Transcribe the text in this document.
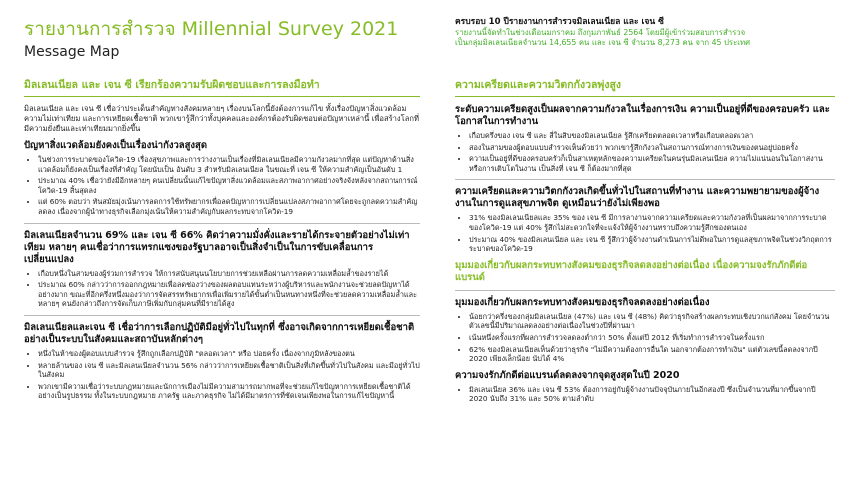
รายงานการสำรวจ Millennial Survey 2021
Message Map
ครบรอบ 10 ปีรายงานการสำรวจมิลเลนเนียล และ เจน ซี
รายงานนี้จัดทำในช่วงเดือนมกราคม ถึงกุมภาพันธ์ 2564 โดยมีผู้เข้าร่วมสอบการสำรวจ
เป็นกลุ่มมิลเลนเนียลจำนวน 14,655 คน และ เจน ซี จำนวน 8,273 คน จาก 45 ประเทศ
มิลเลนเนียล และ เจน ซี เรียกร้องความรับผิดชอบและการลงมือทำ

มิลเลนเนียล และ เจน ซี เชื่อว่าประเด็นสำคัญทางสังคมหลายๆ เรื่องบนโลกนี้ยังต้องการแก้ไข ทั้งเรื่องปัญหาสิ่งแวดล้อม ความไม่เท่าเทียม และการเหยียดเชื้อชาติ พวกเขารู้สึกว่าทั้งบุคคลและองค์กรต้องรับผิดชอบต่อปัญหาเหล่านี้ เพื่อสร้างโลกที่มีความยั่งยืนและเท่าเทียมมากยิ่งขึ้น

ปัญหาสิ่งแวดล้อมยังคงเป็นเรื่องน่ากังวลสูงสุด
• ในช่วงการระบาดของโควิด-19 เรื่องสุขภาพและการว่างงานเป็นเรื่องที่มิลเลนเนียลมีความกังวลมากที่สุด แต่ปัญหาด้านสิ่งแวดล้อมก็ยังคงเป็นเรื่องที่สำคัญ โดยนับเป็น อันดับ 3 สำหรับมิลเลนเนียล ในขณะที่ เจน ซี ให้ความสำคัญเป็นอันดับ 1
• ประมาณ 40% เชื่อว่ายังมีอีกหลายๆ คนเปลี่ยนนั้นแก้ไขปัญหาสิ่งแวดล้อมและสภาพอากาศอย่างจริงจังหลังจากสถานการณ์โควิด-19 สิ้นสุดลง
• แต่ 60% ตอบว่า ทันสมัยมุ่งเน้นการลดการใช้ทรัพยากรเพื่อลดปัญหาการเปลี่ยนแปลงสภาพอากาศโดยจะถูกลดความสำคัญลดลง เนื่องจากผู้นำทางธุรกิจเลือกมุ่งเน้นให้ความสำคัญกับผลกระทบจากโควิด-19
มิลเลนเนียลจำนวน 69% และ เจน ซี 66% คิดว่าความมั่งคั่งและรายได้กระจายตัวอย่างไม่เท่าเทียม หลายๆ คนเชื่อว่าการแทรกแซงของรัฐบาลอาจเป็นสิ่งจำเป็นในการขับเคลื่อนการเปลี่ยนแปลง
• เกือบหนึ่งในสามของผู้ร่วมการสำรวจ ให้การสนับสนุนนโยบายการช่วยเหลือผ่านการลดความเหลื่อมล้ำของรายได้
• ประมาณ 60% กล่าวว่าการออกกฎหมายเพื่อลดช่องว่างของผลตอบแทนระหว่างผู้บริหารและพนักงานจะช่วยลดปัญหาได้อย่างมาก ขณะที่อีกครึ่งหนึ่งมองว่าการจัดสรรทรัพยากรเพื่อเพิ่มรายได้ขั้นต่ำเป็นหนทางหนึ่งที่จะช่วยลดความเหลื่อมล้ำและหลายๆ คนยังกล่าวถึงการจัดเก็บภาษีเพิ่มกับกลุ่มคนที่มีรายได้สูง
มิลเลนเนียลและเจน ซี เชื่อว่าการเลือกปฏิบัติมีอยู่ทั่วไปในทุกที่ ซึ่งอาจเกิดจากการเหยียดเชื้อชาติอย่างเป็นระบบในสังคมและสถาบันหลักต่างๆ
• หนึ่งในห้าของผู้ตอบแบบสำรวจ รู้สึกถูกเลือกปฏิบัติ "ตลอดเวลา" หรือ บ่อยครั้ง เนื่องจากภูมิหลังของตน
• หลายล้านของ เจน ซี และมิลเลนเนียลจำนวน 56% กล่าวว่าการเหยียดเชื้อชาติเป็นสิ่งที่เกิดขึ้นทั่วไปในสังคม และมีอยู่ทั่วไปในสังคม
• พวกเขามีความเชื่อว่าระบบกฎหมายและนักการเมืองไม่มีความสามารถมากพอที่จะช่วยแก้ไขปัญหาการเหยียดเชื้อชาติได้อย่างเป็นรูปธรรม ทั้งในระบบกฎหมาย ภาครัฐ และภาคธุรกิจ ไม่ได้มีมาตรการที่ชัดเจนเพียงพอในการแก้ไขปัญหานี้
ความเครียดและความวิตกกังวลพุ่งสูง
ระดับความเครียดสูงเป็นผลจากความกังวลในเรื่องการเงิน ความเป็นอยู่ที่ดีของครอบครัว และโอกาสในการทำงาน
• เกือบครึ่งของ เจน ซี และ สี่ในสิบของมิลเลนเนียล รู้สึกเครียดตลอดเวลาหรือเกือบตลอดเวลา
• สองในสามของผู้ตอบแบบสำรวจเห็นด้วยว่า พวกเขารู้สึกกังวลในสถานการณ์ทางการเงินของตนอยู่บ่อยครั้ง
• ความเป็นอยู่ที่ดีของครอบครัวก็เป็นสาเหตุหลักของความเครียดในคนรุ่นมิลเลนเนียล ความไม่แน่นอนในโอกาสงานหรือการเติบโตในงาน เป็นสิ่งที่ เจน ซี ก็ต้องมากที่สุด
ความเครียดและความวิตกกังวลเกิดขึ้นทั่วไปในสถานที่ทำงาน และความพยายามของผู้จ้างงานในการดูแลสุขภาพจิต ดูเหมือนว่ายังไม่เพียงพอ
• 31% ของมิลเลนเนียลและ 35% ของ เจน ซี มีการลางานจากความเครียดและความกังวลที่เป็นผลมาจากการระบาดของโควิด-19 แต่ 40% รู้สึกไม่สะดวกใจที่จะแจ้งให้ผู้จ้างงานทราบถึงความรู้สึกของตนเอง
• ประมาณ 40% ของมิลเลนเนียล และ เจน ซี รู้สึกว่าผู้จ้างงานดำเนินการไม่ดีพอในการดูแลสุขภาพจิตในช่วงวิกฤตการระบาดของโควิด-19
มุมมองเกี่ยวกับผลกระทบทางสังคมของธุรกิจลดลงอย่างต่อเนื่อง เนื่องความจงรักภักดีต่อแบรนด์
มุมมองเกี่ยวกับผลกระทบทางสังคมของธุรกิจลดลงอย่างต่อเนื่อง
• น้อยกว่าครึ่งของกลุ่มมิลเลนเนียล (47%) และ เจน ซี (48%) คิดว่าธุรกิจสร้างผลกระทบเชิงบวกแก่สังคม โดยจำนวนตัวเลขนี้มีปริมาณลดลงอย่างต่อเนื่องในช่วงปีที่ผ่านมา
• เน้นหนึ่งครั้งแรกที่ผลการสำรวจลดลงต่ำกว่า 50% ตั้งแต่ปี 2012 ที่เริ่มทำการสำรวจในครั้งแรก
• 62% ของมิลเลนเนียลเห็นด้วยว่าธุรกิจ "ไม่มีความต้องการอื่นใด นอกจากต้องการทำเงิน" แต่ตัวเลขนี้ลดลงจากปี 2020 เพียงเล็กน้อย นับได้ 4%
ความจงรักภักดีต่อแบรนด์ลดลงจากจุดสูงสุดในปี 2020
• มิลเลนเนียล 36% และ เจน ซี 53% ต้องการอยู่กับผู้จ้างงานปัจจุบันภายในอีกสองปี ซึ่งเป็นจำนวนที่มากขึ้นจากปี 2020 นับถึง 31% และ 50% ตามลำดับ
